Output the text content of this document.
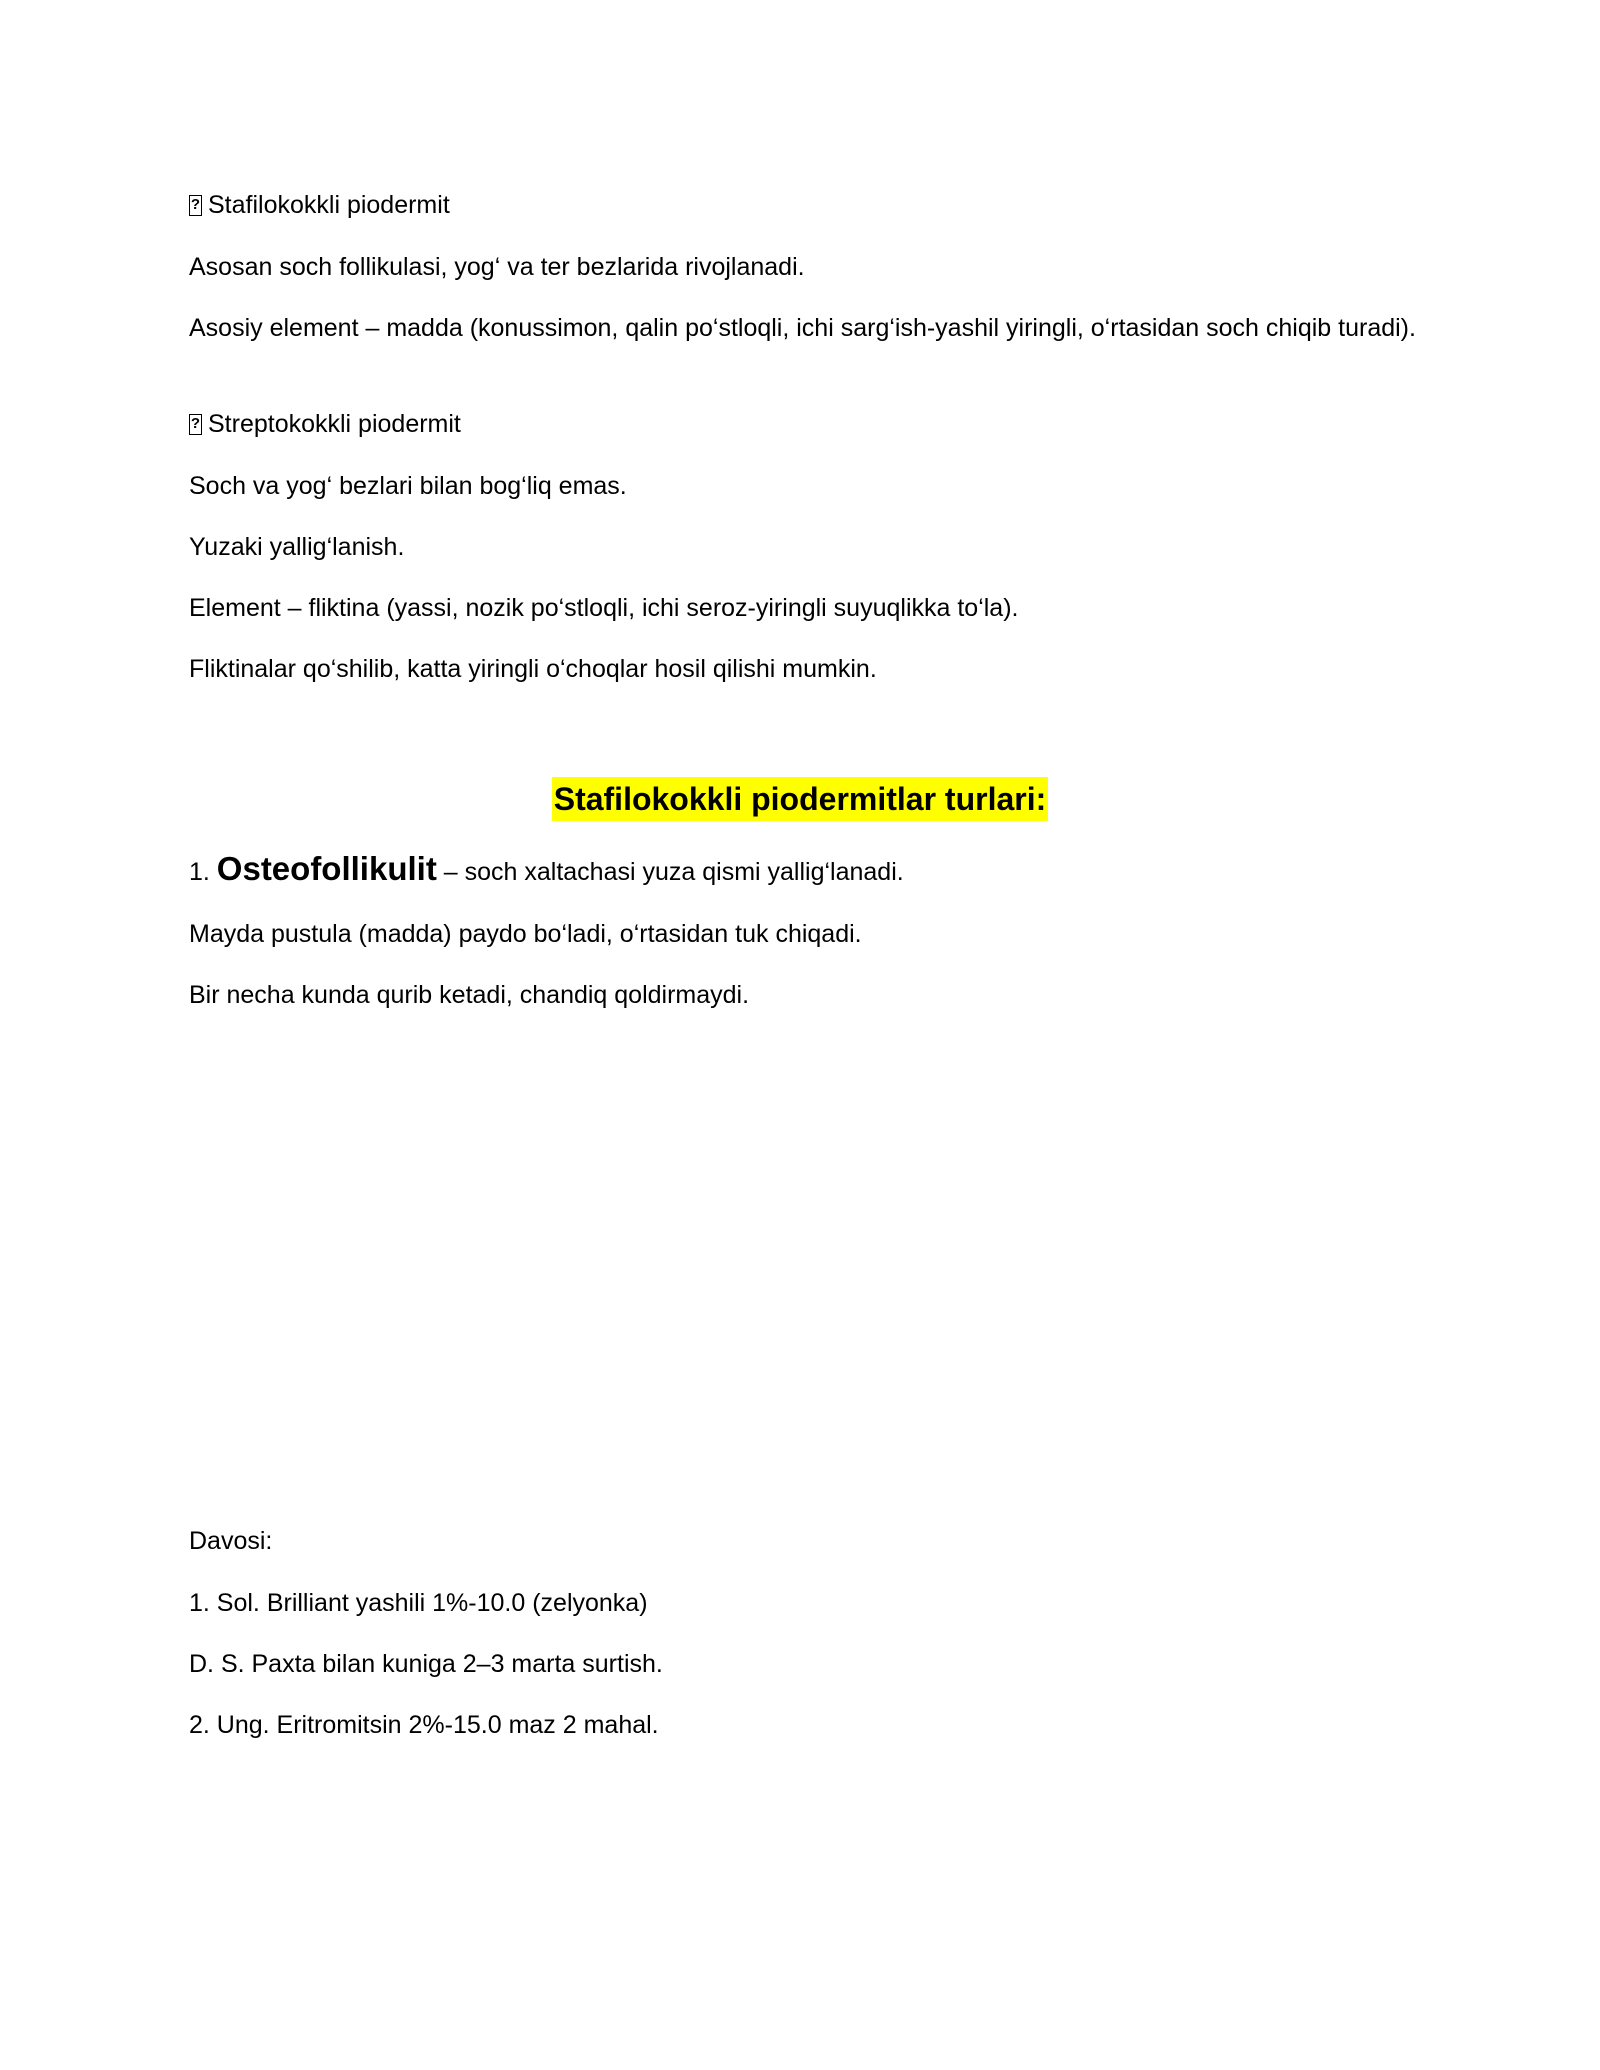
?Stafilokokkli piodermit

Asosan soch follikulasi, yog‘ va ter bezlarida rivojlanadi.

Asosiy element – madda (konussimon, qalin po‘stloqli, ichi sarg‘ish-yashil yiringli, o‘rtasidan soch chiqib turadi).

?Streptokokkli piodermit

Soch va yog‘ bezlari bilan bog‘liq emas.

Yuzaki yallig‘lanish.

Element – fliktina (yassi, nozik po‘stloqli, ichi seroz-yiringli suyuqlikka to‘la).

Fliktinalar qo‘shilib, katta yiringli o‘choqlar hosil qilishi mumkin.

Stafilokokkli piodermitlar turlari:

1. Osteofollikulit – soch xaltachasi yuza qismi yallig‘lanadi.

Mayda pustula (madda) paydo bo‘ladi, o‘rtasidan tuk chiqadi.

Bir necha kunda qurib ketadi, chandiq qoldirmaydi.

Davosi:

1. Sol. Brilliant yashili 1%-10.0 (zelyonka)

D. S. Paxta bilan kuniga 2–3 marta surtish.

2. Ung. Eritromitsin 2%-15.0 maz 2 mahal.
